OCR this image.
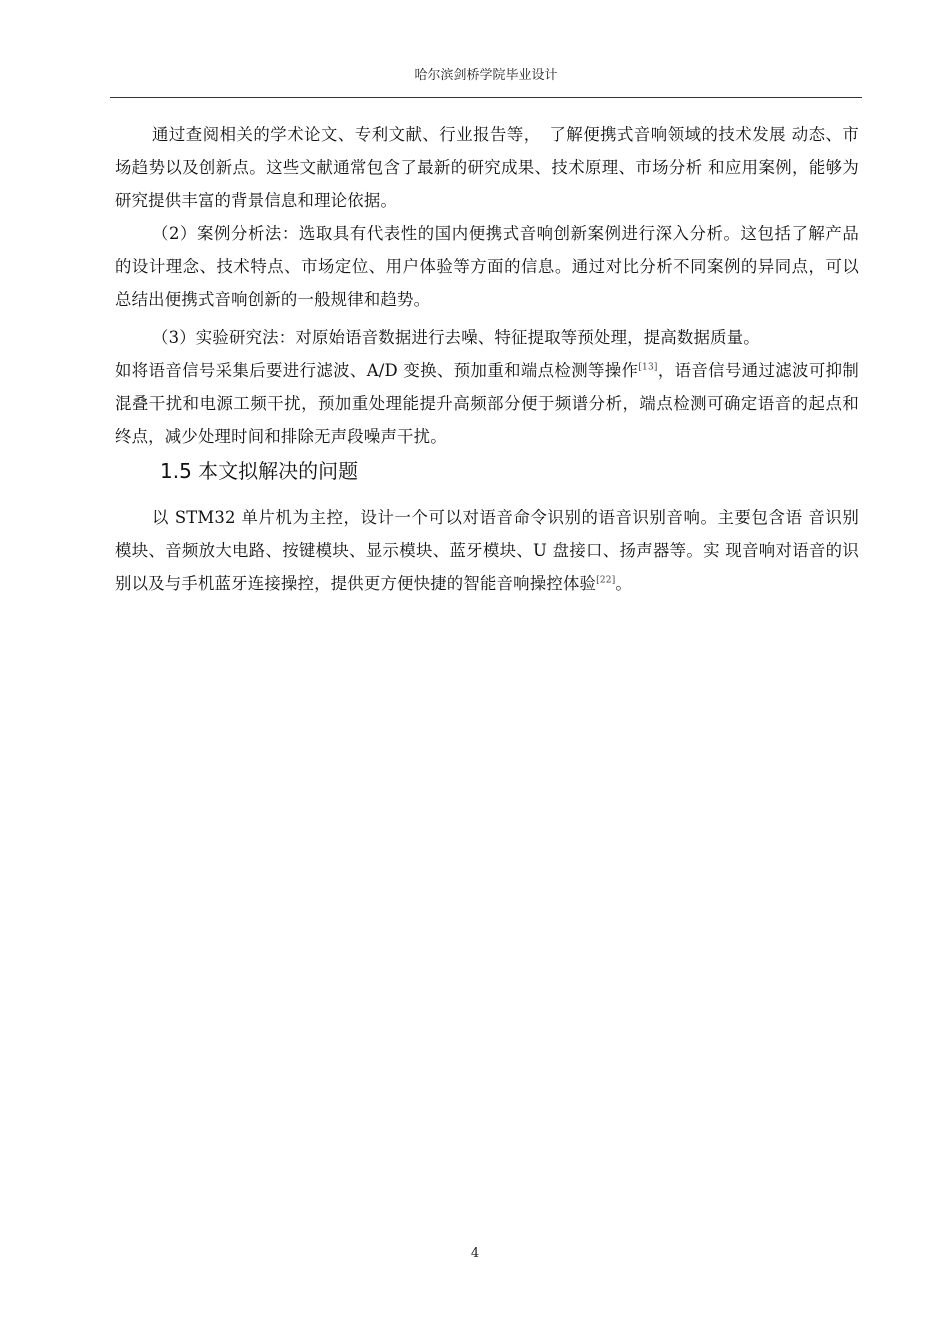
哈尔滨剑桥学院毕业设计

通过查阅相关的学术论文、专利文献、行业报告等，　了解便携式音响领域的技术发展 动态、市场趋势以及创新点。这些文献通常包含了最新的研究成果、技术原理、市场分析 和应用案例，能够为研究提供丰富的背景信息和理论依据。

（2）案例分析法：选取具有代表性的国内便携式音响创新案例进行深入分析。这包括了解产品的设计理念、技术特点、市场定位、用户体验等方面的信息。通过对比分析不同案例的异同点，可以总结出便携式音响创新的一般规律和趋势。

（3）实验研究法：对原始语音数据进行去噪、特征提取等预处理，提高数据质量。

如将语音信号采集后要进行滤波、A/D 变换、预加重和端点检测等操作[13]，语音信号通过滤波可抑制混叠干扰和电源工频干扰，预加重处理能提升高频部分便于频谱分析，端点检测可确定语音的起点和终点，减少处理时间和排除无声段噪声干扰。

1.5 本文拟解决的问题

以 STM32 单片机为主控，设计一个可以对语音命令识别的语音识别音响。主要包含语 音识别模块、音频放大电路、按键模块、显示模块、蓝牙模块、U 盘接口、扬声器等。实 现音响对语音的识别以及与手机蓝牙连接操控，提供更方便快捷的智能音响操控体验[22]。

4
